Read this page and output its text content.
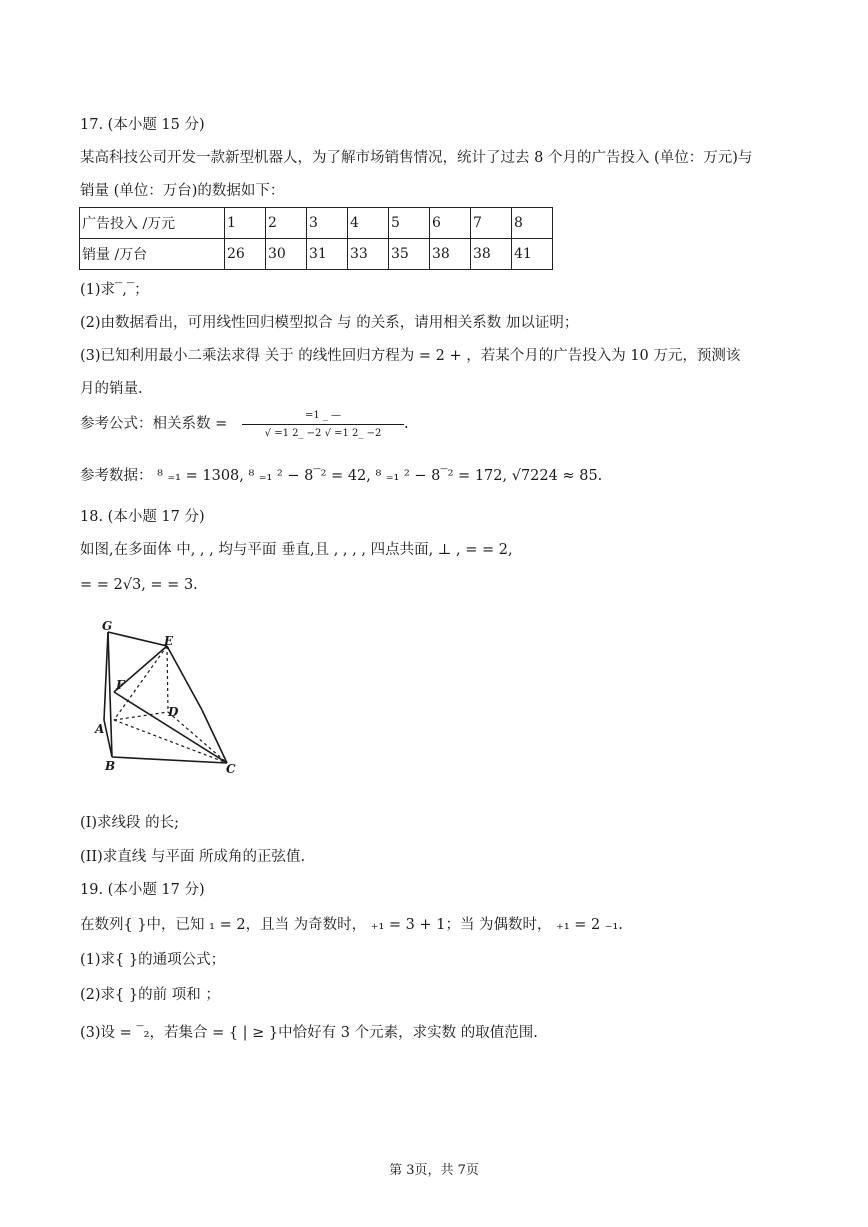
17. (本小题 15 分)
某高科技公司开发一款新型机器人，为了解市场销售情况，统计了过去 8 个月的广告投入 (单位：万元)与
销量 (单位：万台)的数据如下：
广告投入 /万元	1	2	3	4	5	6	7	8
销量 /万台	26	30	31	33	35	38	38	41
(1)求‾,‾；
(2)由数据看出，可用线性回归模型拟合 与 的关系，请用相关系数 加以证明；
(3)已知利用最小二乘法求得 关于 的线性回归方程为 = 2 + ，若某个月的广告投入为 10 万元，预测该
月的销量.
参考公式：相关系数 =
=1 _ —
√ =1 2_ −2 √ =1 2_ −2
.
参考数据： ⁸ ₌₁ = 1308, ⁸ ₌₁ ² − 8‾² = 42, ⁸ ₌₁ ² − 8‾² = 172, √7224 ≈ 85.
18. (本小题 17 分)
如图,在多面体 中, , , 均与平面 垂直,且 , , , , 四点共面, ⊥ , = = 2,
= = 2√3, = = 3.
G
E
F
D
A
B	C
(I)求线段 的长;
(II)求直线 与平面 所成角的正弦值.
19. (本小题 17 分)
在数列{ }中，已知 ₁ = 2，且当 为奇数时， ₊₁ = 3 + 1；当 为偶数时， ₊₁ = 2 ₋₁.
(1)求{ }的通项公式；
(2)求{ }的前 项和 ；
(3)设 = ‾₂，若集合 = { | ≥ }中恰好有 3 个元素，求实数 的取值范围.
第 3页，共 7页
